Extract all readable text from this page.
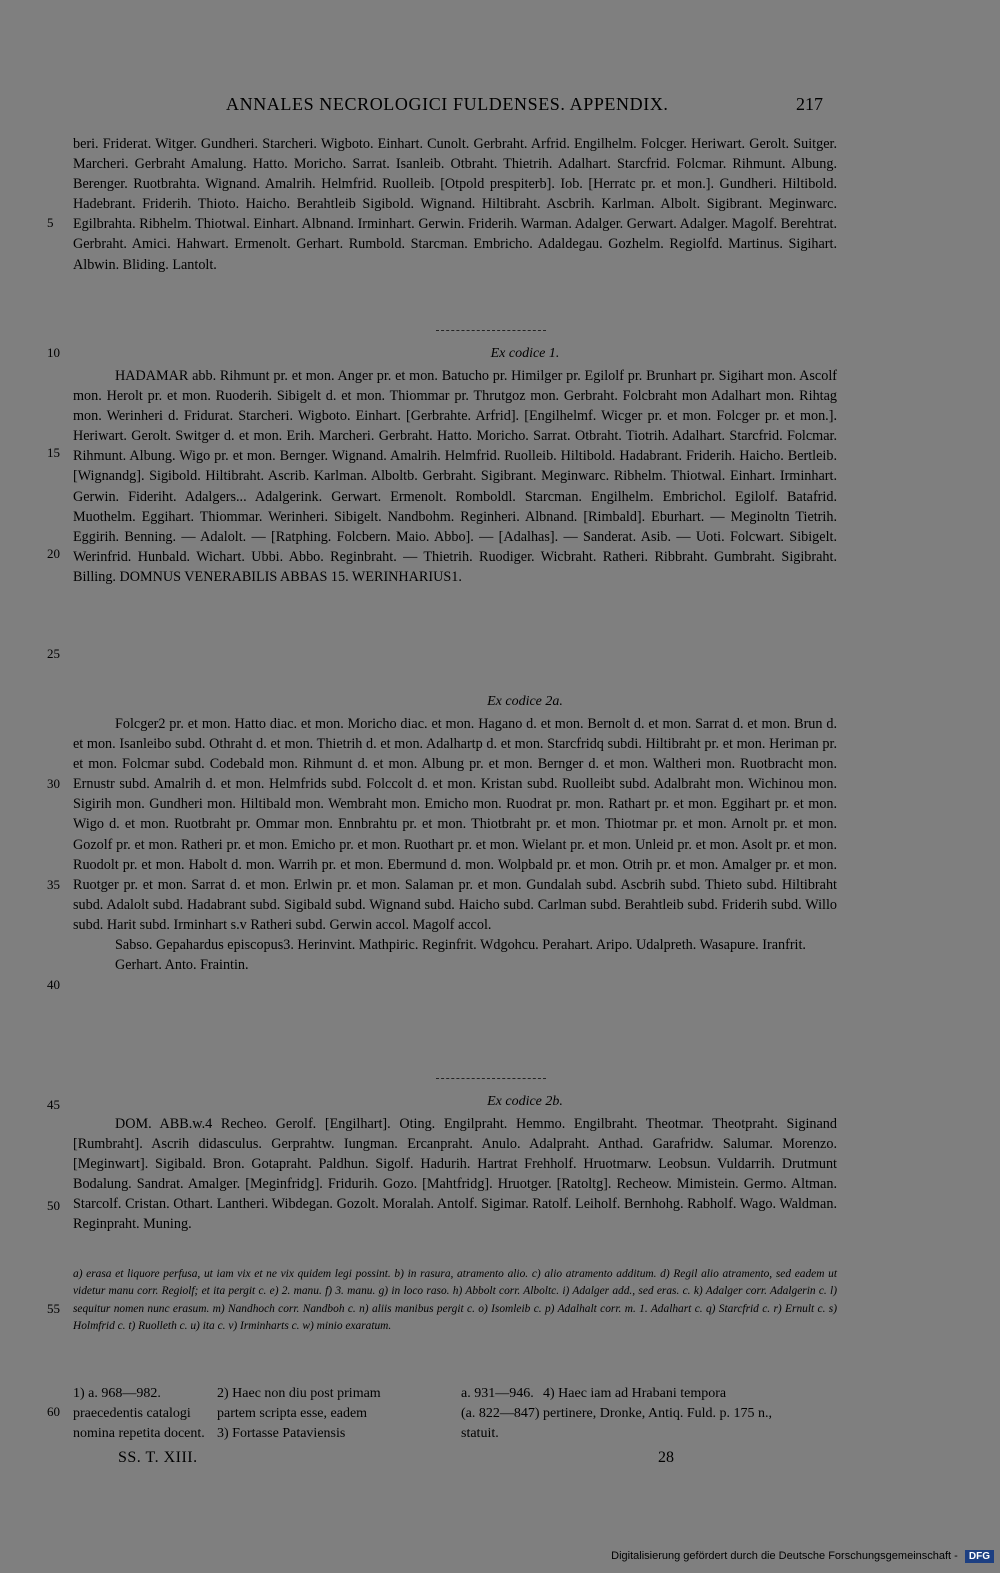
ANNALES NECROLOGICI FULDENSES. APPENDIX.	217
5
10
15
20
25
30
35
40
45
50
55
60

beri. Friderat. Witger. Gundheri. Starcheri. Wigboto. Einhart. Cunolt. Gerbraht. Arfrid. Engilhelm. Folcger. Heriwart. Gerolt. Suitger. Marcheri. Gerbraht Amalung. Hatto. Moricho. Sarrat. Isanleib. Otbraht. Thietrih. Adalhart. Starcfrid. Folcmar. Rihmunt. Albung. Berenger. Ruotbrahta. Wignand. Amalrih. Helmfrid. Ruolleib. [Otpold prespiterb]. Iob. [Herratc pr. et mon.]. Gundheri. Hiltibold. Hadebrant. Friderih. Thioto. Haicho. Berahtleib Sigibold. Wignand. Hiltibraht. Ascbrih. Karlman. Albolt. Sigibrant. Meginwarc. Egilbrahta. Ribhelm. Thiotwal. Einhart. Albnand. Irminhart. Gerwin. Friderih. Warman. Adalger. Gerwart. Adalger. Magolf. Berehtrat. Gerbraht. Amici. Hahwart. Ermenolt. Gerhart. Rumbold. Starcman. Embricho. Adaldegau. Gozhelm. Regiolfd. Martinus. Sigihart. Albwin. Bliding. Lantolt.

Ex codice 1.

HADAMAR abb. Rihmunt pr. et mon. Anger pr. et mon. Batucho pr. Himilger pr. Egilolf pr. Brunhart pr. Sigihart mon. Ascolf mon. Herolt pr. et mon. Ruoderih. Sibigelt d. et mon. Thiommar pr. Thrutgoz mon. Gerbraht. Folcbraht mon Adalhart mon. Rihtag mon. Werinheri d. Fridurat. Starcheri. Wigboto. Einhart. [Gerbrahte. Arfrid]. [Engilhelmf. Wicger pr. et mon. Folcger pr. et mon.]. Heriwart. Gerolt. Switger d. et mon. Erih. Marcheri. Gerbraht. Hatto. Moricho. Sarrat. Otbraht. Tiotrih. Adalhart. Starcfrid. Folcmar. Rihmunt. Albung. Wigo pr. et mon. Bernger. Wignand. Amalrih. Helmfrid. Ruolleib. Hiltibold. Hadabrant. Friderih. Haicho. Bertleib. [Wignandg]. Sigibold. Hiltibraht. Ascrib. Karlman. Alboltb. Gerbraht. Sigibrant. Meginwarc. Ribhelm. Thiotwal. Einhart. Irminhart. Gerwin. Fideriht. Adalgers... Adalgerink. Gerwart. Ermenolt. Romboldl. Starcman. Engilhelm. Embrichol. Egilolf. Batafrid. Muothelm. Eggihart. Thiommar. Werinheri. Sibigelt. Nandbohm. Reginheri. Albnand. [Rimbald]. Eburhart. — Meginoltn Tietrih. Eggirih. Benning. — Adalolt. — [Ratphing. Folcbern. Maio. Abbo]. — [Adalhas]. — Sanderat. Asib. — Uoti. Folcwart. Sibigelt. Werinfrid. Hunbald. Wichart. Ubbi. Abbo. Reginbraht. — Thietrih. Ruodiger. Wicbraht. Ratheri. Ribbraht. Gumbraht. Sigibraht. Billing. DOMNUS VENERABILIS ABBAS 15. WERINHARIUS1.

Ex codice 2a.

Folcger2 pr. et mon. Hatto diac. et mon. Moricho diac. et mon. Hagano d. et mon. Bernolt d. et mon. Sarrat d. et mon. Brun d. et mon. Isanleibo subd. Othraht d. et mon. Thietrih d. et mon. Adalhartp d. et mon. Starcfridq subdi. Hiltibraht pr. et mon. Heriman pr. et mon. Folcmar subd. Codebald mon. Rihmunt d. et mon. Albung pr. et mon. Bernger d. et mon. Waltheri mon. Ruotbracht mon. Ernustr subd. Amalrih d. et mon. Helmfrids subd. Folccolt d. et mon. Kristan subd. Ruolleibt subd. Adalbraht mon. Wichinou mon. Sigirih mon. Gundheri mon. Hiltibald mon. Wembraht mon. Emicho mon. Ruodrat pr. mon. Rathart pr. et mon. Eggihart pr. et mon. Wigo d. et mon. Ruotbraht pr. Ommar mon. Ennbrahtu pr. et mon. Thiotbraht pr. et mon. Thiotmar pr. et mon. Arnolt pr. et mon. Gozolf pr. et mon. Ratheri pr. et mon. Emicho pr. et mon. Ruothart pr. et mon. Wielant pr. et mon. Unleid pr. et mon. Asolt pr. et mon. Ruodolt pr. et mon. Habolt d. mon. Warrih pr. et mon. Ebermund d. mon. Wolpbald pr. et mon. Otrih pr. et mon. Amalger pr. et mon. Ruotger pr. et mon. Sarrat d. et mon. Erlwin pr. et mon. Salaman pr. et mon. Gundalah subd. Ascbrih subd. Thieto subd. Hiltibraht subd. Adalolt subd. Hadabrant subd. Sigibald subd. Wignand subd. Haicho subd. Carlman subd. Berahtleib subd. Friderih subd. Willo subd. Harit subd. Irminhart s.v Ratheri subd. Gerwin accol. Magolf accol.

Sabso. Gepahardus episcopus3. Herinvint. Mathpiric. Reginfrit. Wdgohcu. Perahart. Aripo. Udalpreth. Wasapure. Iranfrit.

Gerhart. Anto. Fraintin.

Ex codice 2b.

DOM. ABB.w.4 Recheo. Gerolf. [Engilhart]. Oting. Engilpraht. Hemmo. Engilbraht. Theotmar. Theotpraht. Siginand [Rumbraht]. Ascrih didasculus. Gerprahtw. Iungman. Ercanpraht. Anulo. Adalpraht. Anthad. Garafridw. Salumar. Morenzo. [Meginwart]. Sigibald. Bron. Gotapraht. Paldhun. Sigolf. Hadurih. Hartrat Frehholf. Hruotmarw. Leobsun. Vuldarrih. Drutmunt Bodalung. Sandrat. Amalger. [Meginfridg]. Fridurih. Gozo. [Mahtfridg]. Hruotger. [Ratoltg]. Recheow. Mimistein. Germo. Altman. Starcolf. Cristan. Othart. Lantheri. Wibdegan. Gozolt. Moralah. Antolf. Sigimar. Ratolf. Leiholf. Bernhohg. Rabholf. Wago. Waldman. Reginpraht. Muning.

a) erasa et liquore perfusa, ut iam vix et ne vix quidem legi possint. b) in rasura, atramento alio. c) alio atramento additum. d) Regil alio atramento, sed eadem ut videtur manu corr. Regiolf; et ita pergit c. e) 2. manu. f) 3. manu. g) in loco raso. h) Abbolt corr. Alboltc. i) Adalger add., sed eras. c. k) Adalger corr. Adalgerin c. l) sequitur nomen nunc erasum. m) Nandhoch corr. Nandboh c. n) aliis manibus pergit c. o) Isomleib c. p) Adalhalt corr. m. 1. Adalhart c. q) Starcfrid c. r) Ernult c. s) Holmfrid c. t) Ruolleth c. u) ita c. v) Irminharts c. w) minio exaratum.

1) a. 968—982.

praecedentis catalogi

nomina repetita docent.

2) Haec non diu post primam

partem scripta esse, eadem

3) Fortasse Pataviensis

a. 931—946.

(a. 822—847)

statuit.

4) Haec iam ad Hrabani tempora

pertinere, Dronke, Antiq. Fuld. p. 175 n.,

SS. T. XIII.	28
Digitalisierung gefördert durch die Deutsche Forschungsgemeinschaft - DFG
